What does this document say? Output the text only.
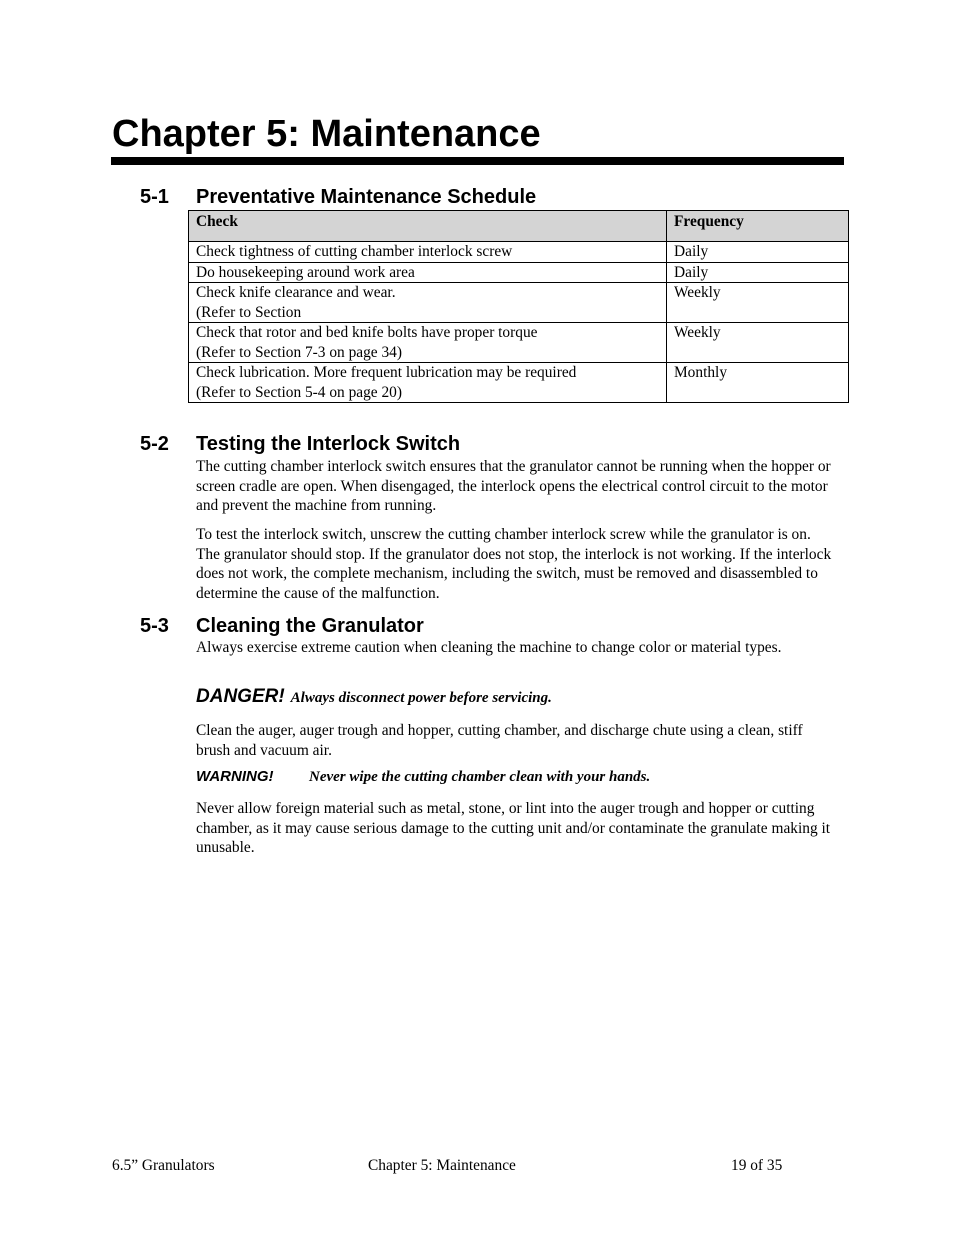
Chapter 5: Maintenance
5-1 Preventative Maintenance Schedule
Check	Frequency

Check tightness of cutting chamber interlock screw	Daily

Do housekeeping around work area	Daily

Check knife clearance and wear.
(Refer to Section	Weekly

Check that rotor and bed knife bolts have proper torque
(Refer to Section 7-3 on page 34)	Weekly

Check lubrication. More frequent lubrication may be required
(Refer to Section 5-4 on page 20)	Monthly
5-2 Testing the Interlock Switch

The cutting chamber interlock switch ensures that the granulator cannot be running when the hopper or screen cradle are open. When disengaged, the interlock opens the electrical control circuit to the motor and prevent the machine from running.

To test the interlock switch, unscrew the cutting chamber interlock screw while the granulator is on. The granulator should stop. If the granulator does not stop, the interlock is not working. If the interlock does not work, the complete mechanism, including the switch, must be removed and disassembled to determine the cause of the malfunction.

5-3 Cleaning the Granulator

Always exercise extreme caution when cleaning the machine to change color or material types.

DANGER! Always disconnect power before servicing.

Clean the auger, auger trough and hopper, cutting chamber, and discharge chute using a clean, stiff brush and vacuum air.

WARNING! Never wipe the cutting chamber clean with your hands.

Never allow foreign material such as metal, stone, or lint into the auger trough and hopper or cutting chamber, as it may cause serious damage to the cutting unit and/or contaminate the granulate making it unusable.

6.5” Granulators	Chapter 5: Maintenance	19 of 35
